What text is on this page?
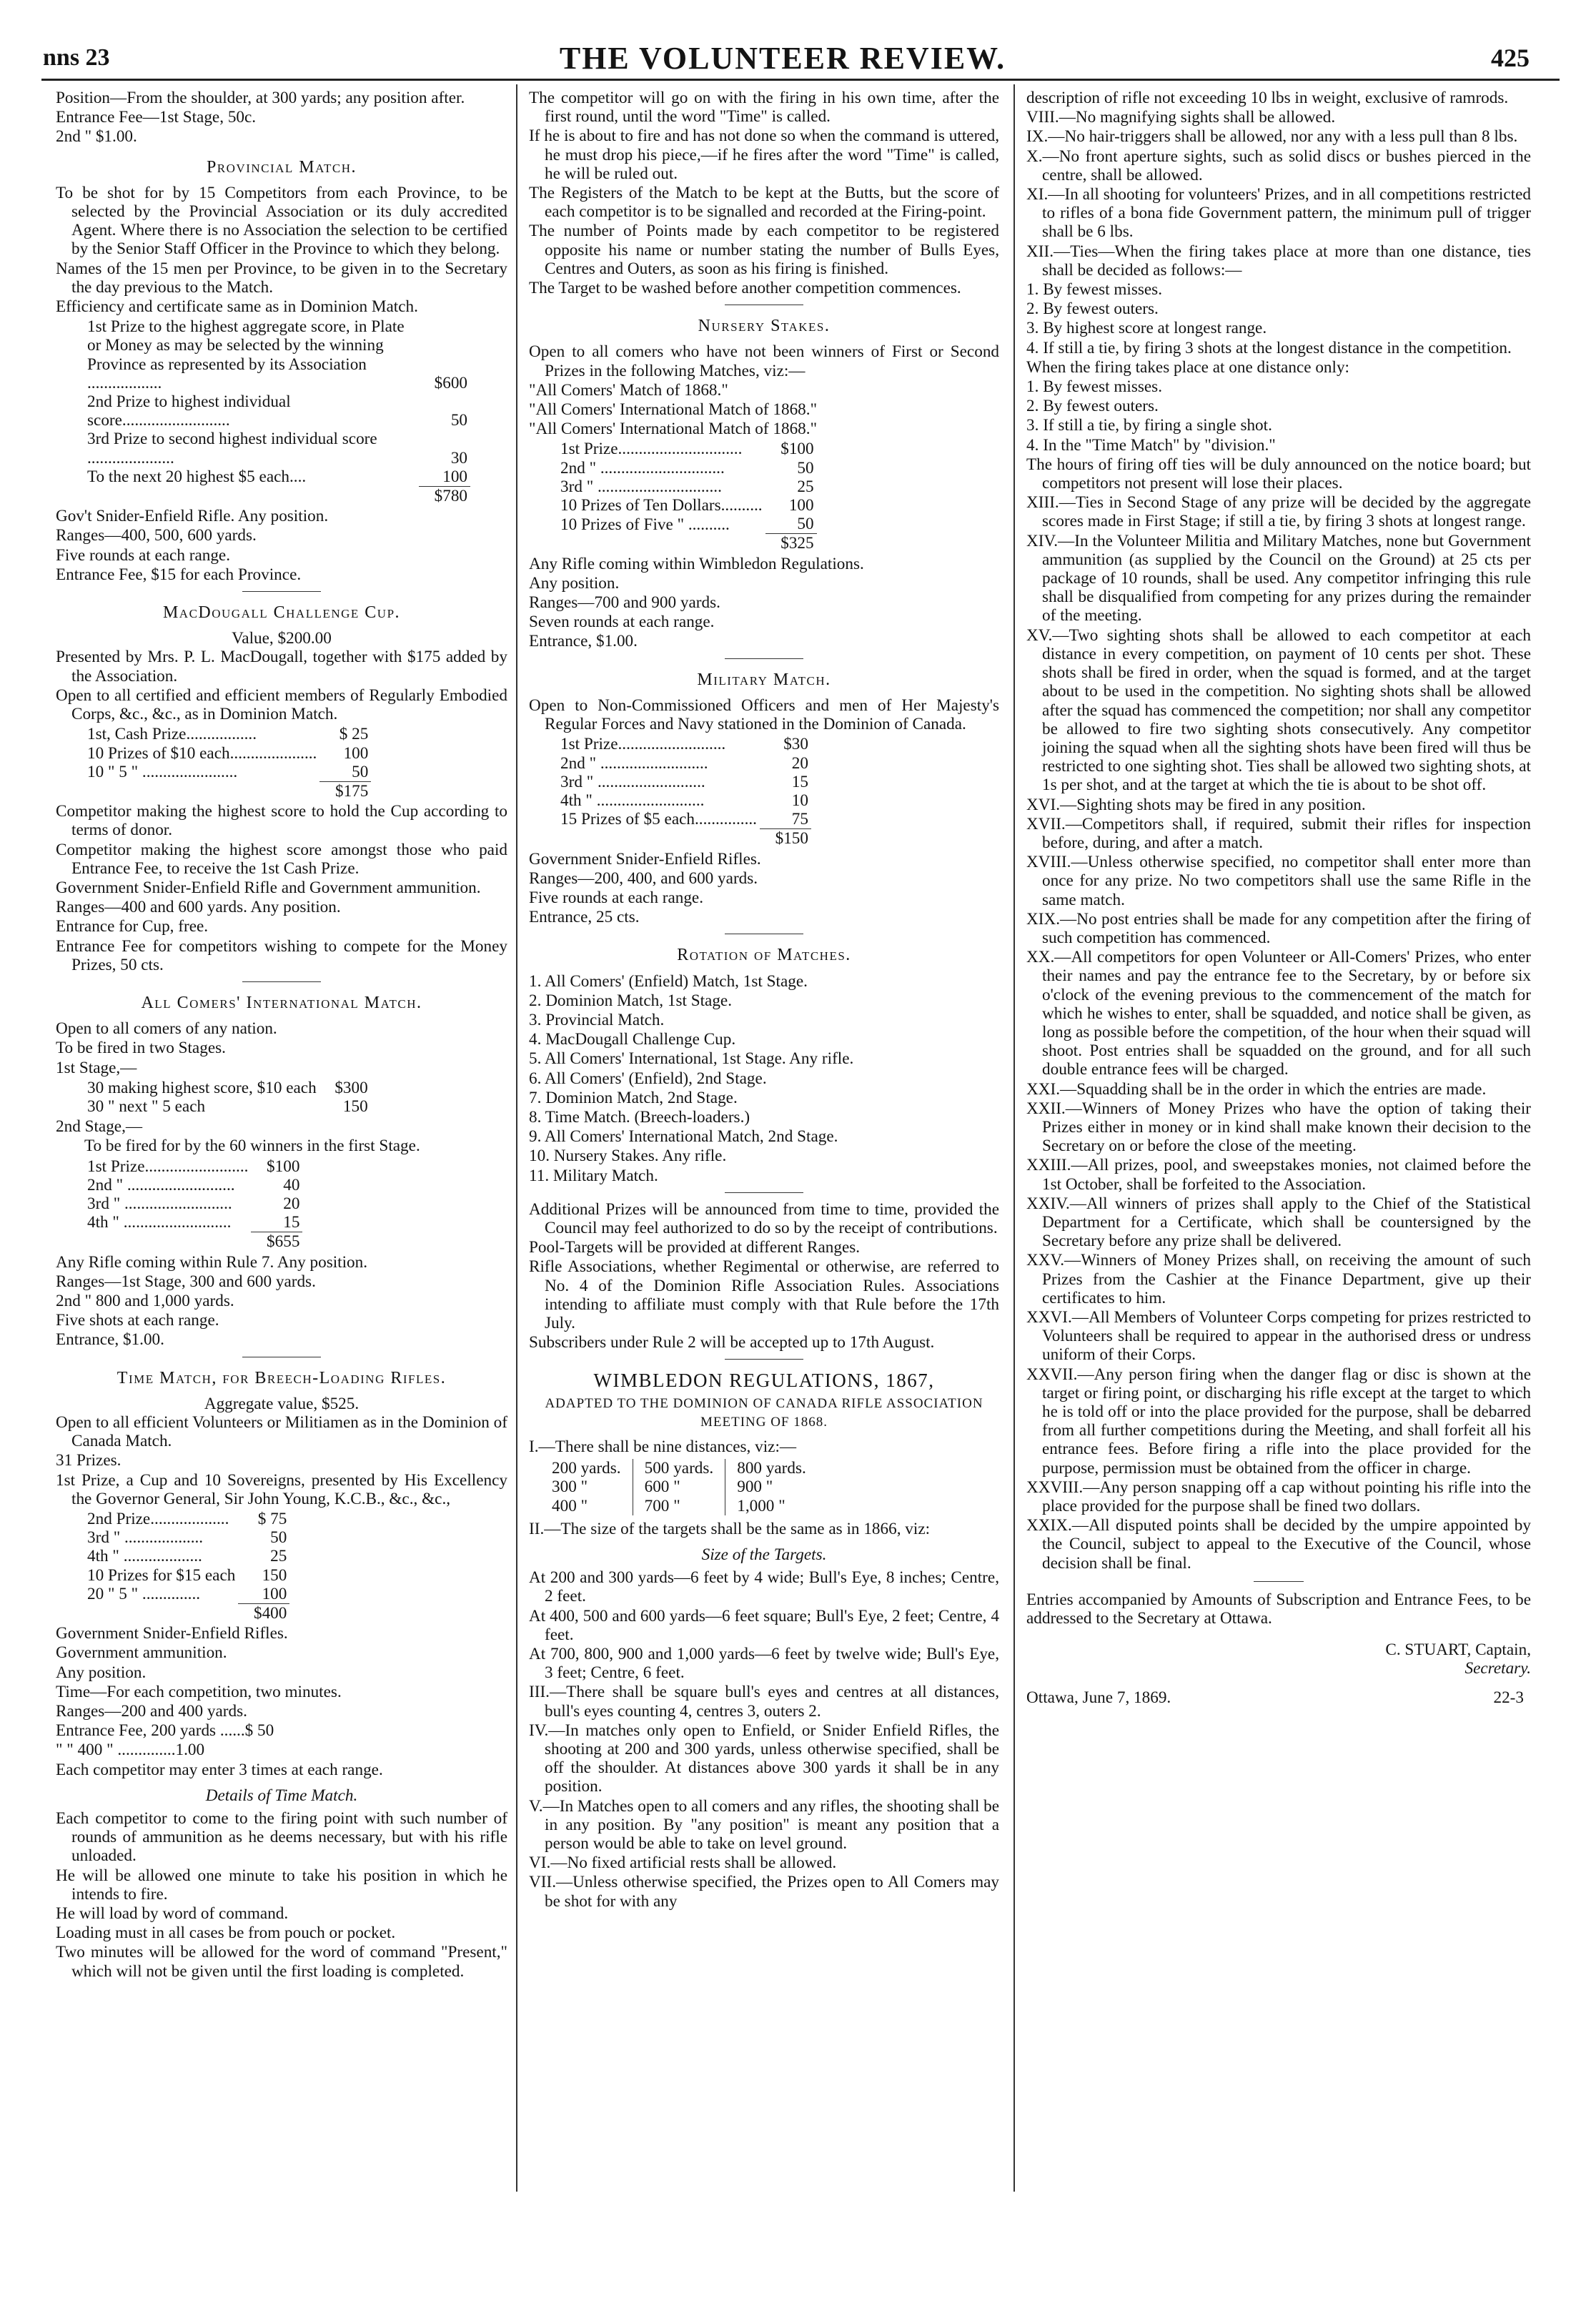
nns 23	THE VOLUNTEER REVIEW.	425
Position—From the shoulder, at 300 yards; any position after.
Entrance Fee—1st Stage, 50c.
2nd " $1.00.
Provincial Match.
To be shot for by 15 Competitors from each Province, to be selected by the Provincial Association or its duly accredited Agent. Where there is no Association the selection to be certified by the Senior Staff Officer in the Province to which they belong.
Names of the 15 men per Province, to be given in to the Secretary the day previous to the Match.
Efficiency and certificate same as in Dominion Match.
1st Prize to the highest aggregate score, in Plate or Money as may be selected by the winning Province as represented by its Association ..................	$600
2nd Prize to highest individual score..........................	50
3rd Prize to second highest individual score .....................	30
To the next 20 highest $5 each....	100
	$780
Gov't Snider-Enfield Rifle. Any position.
Ranges—400, 500, 600 yards.
Five rounds at each range.
Entrance Fee, $15 for each Province.
MacDougall Challenge Cup.
Value, $200.00
Presented by Mrs. P. L. MacDougall, together with $175 added by the Association.
Open to all certified and efficient members of Regularly Embodied Corps, &c., &c., as in Dominion Match.
1st, Cash Prize.................	$ 25
10 Prizes of $10 each.....................	100
10 " 5 " .......................	50
	$175
Competitor making the highest score to hold the Cup according to terms of donor.
Competitor making the highest score amongst those who paid Entrance Fee, to receive the 1st Cash Prize.
Government Snider-Enfield Rifle and Government ammunition.
Ranges—400 and 600 yards. Any position.
Entrance for Cup, free.
Entrance Fee for competitors wishing to compete for the Money Prizes, 50 cts.
All Comers' International Match.
Open to all comers of any nation.
To be fired in two Stages.
1st Stage,—
30 making highest score, $10 each	$300
30 " next " 5 each	150
2nd Stage,—
To be fired for by the 60 winners in the first Stage.
1st Prize.........................	$100
2nd " ..........................	40
3rd " ..........................	20
4th " ..........................	15
	$655
Any Rifle coming within Rule 7. Any position.
Ranges—1st Stage, 300 and 600 yards.
2nd " 800 and 1,000 yards.
Five shots at each range.
Entrance, $1.00.
Time Match, for Breech-Loading Rifles.
Aggregate value, $525.
Open to all efficient Volunteers or Militiamen as in the Dominion of Canada Match.
31 Prizes.
1st Prize, a Cup and 10 Sovereigns, presented by His Excellency the Governor General, Sir John Young, K.C.B., &c., &c.,
2nd Prize...................	$ 75
3rd " ...................	50
4th " ...................	25
10 Prizes for $15 each	150
20 " 5 " ..............	100
	$400
Government Snider-Enfield Rifles.
Government ammunition.
Any position.
Time—For each competition, two minutes.
Ranges—200 and 400 yards.
Entrance Fee, 200 yards ......$ 50
" " 400 " ..............1.00
Each competitor may enter 3 times at each range.
Details of Time Match.
Each competitor to come to the firing point with such number of rounds of ammunition as he deems necessary, but with his rifle unloaded.
He will be allowed one minute to take his position in which he intends to fire.
He will load by word of command.
Loading must in all cases be from pouch or pocket.
Two minutes will be allowed for the word of command "Present," which will not be given until the first loading is completed.
The competitor will go on with the firing in his own time, after the first round, until the word "Time" is called.
If he is about to fire and has not done so when the command is uttered, he must drop his piece,—if he fires after the word "Time" is called, he will be ruled out.
The Registers of the Match to be kept at the Butts, but the score of each competitor is to be signalled and recorded at the Firing-point.
The number of Points made by each competitor to be registered opposite his name or number stating the number of Bulls Eyes, Centres and Outers, as soon as his firing is finished.
The Target to be washed before another competition commences.
Nursery Stakes.
Open to all comers who have not been winners of First or Second Prizes in the following Matches, viz:—
"All Comers' Match of 1868."
"All Comers' International Match of 1868."
"All Comers' International Match of 1868."
1st Prize..............................	$100
2nd " ..............................	50
3rd " ..............................	25
10 Prizes of Ten Dollars..........	100
10 Prizes of Five " ..........	50
	$325
Any Rifle coming within Wimbledon Regulations.
Any position.
Ranges—700 and 900 yards.
Seven rounds at each range.
Entrance, $1.00.
Military Match.
Open to Non-Commissioned Officers and men of Her Majesty's Regular Forces and Navy stationed in the Dominion of Canada.
1st Prize..........................	$30
2nd " ..........................	20
3rd " ..........................	15
4th " ..........................	10
15 Prizes of $5 each...............	75
	$150
Government Snider-Enfield Rifles.
Ranges—200, 400, and 600 yards.
Five rounds at each range.
Entrance, 25 cts.
Rotation of Matches.
1. All Comers' (Enfield) Match, 1st Stage.
2. Dominion Match, 1st Stage.
3. Provincial Match.
4. MacDougall Challenge Cup.
5. All Comers' International, 1st Stage. Any rifle.
6. All Comers' (Enfield), 2nd Stage.
7. Dominion Match, 2nd Stage.
8. Time Match. (Breech-loaders.)
9. All Comers' International Match, 2nd Stage.
10. Nursery Stakes. Any rifle.
11. Military Match.
Additional Prizes will be announced from time to time, provided the Council may feel authorized to do so by the receipt of contributions.
Pool-Targets will be provided at different Ranges.
Rifle Associations, whether Regimental or otherwise, are referred to No. 4 of the Dominion Rifle Association Rules. Associations intending to affiliate must comply with that Rule before the 17th July.
Subscribers under Rule 2 will be accepted up to 17th August.
WIMBLEDON REGULATIONS, 1867,
ADAPTED TO THE DOMINION OF CANADA RIFLE ASSOCIATION MEETING OF 1868.
I.—There shall be nine distances, viz:—
200 yards.	500 yards.	800 yards.
300 "	600 "	900 "
400 "	700 "	1,000 "
II.—The size of the targets shall be the same as in 1866, viz:
Size of the Targets.
At 200 and 300 yards—6 feet by 4 wide; Bull's Eye, 8 inches; Centre, 2 feet.
At 400, 500 and 600 yards—6 feet square; Bull's Eye, 2 feet; Centre, 4 feet.
At 700, 800, 900 and 1,000 yards—6 feet by twelve wide; Bull's Eye, 3 feet; Centre, 6 feet.
III.—There shall be square bull's eyes and centres at all distances, bull's eyes counting 4, centres 3, outers 2.
IV.—In matches only open to Enfield, or Snider Enfield Rifles, the shooting at 200 and 300 yards, unless otherwise specified, shall be off the shoulder. At distances above 300 yards it shall be in any position.
V.—In Matches open to all comers and any rifles, the shooting shall be in any position. By "any position" is meant any position that a person would be able to take on level ground.
VI.—No fixed artificial rests shall be allowed.
VII.—Unless otherwise specified, the Prizes open to All Comers may be shot for with any
description of rifle not exceeding 10 lbs in weight, exclusive of ramrods.
VIII.—No magnifying sights shall be allowed.
IX.—No hair-triggers shall be allowed, nor any with a less pull than 8 lbs.
X.—No front aperture sights, such as solid discs or bushes pierced in the centre, shall be allowed.
XI.—In all shooting for volunteers' Prizes, and in all competitions restricted to rifles of a bona fide Government pattern, the minimum pull of trigger shall be 6 lbs.
XII.—Ties—When the firing takes place at more than one distance, ties shall be decided as follows:—
1. By fewest misses.
2. By fewest outers.
3. By highest score at longest range.
4. If still a tie, by firing 3 shots at the longest distance in the competition.
When the firing takes place at one distance only:
1. By fewest misses.
2. By fewest outers.
3. If still a tie, by firing a single shot.
4. In the "Time Match" by "division."
The hours of firing off ties will be duly announced on the notice board; but competitors not present will lose their places.
XIII.—Ties in Second Stage of any prize will be decided by the aggregate scores made in First Stage; if still a tie, by firing 3 shots at longest range.
XIV.—In the Volunteer Militia and Military Matches, none but Government ammunition (as supplied by the Council on the Ground) at 25 cts per package of 10 rounds, shall be used. Any competitor infringing this rule shall be disqualified from competing for any prizes during the remainder of the meeting.
XV.—Two sighting shots shall be allowed to each competitor at each distance in every competition, on payment of 10 cents per shot. These shots shall be fired in order, when the squad is formed, and at the target about to be used in the competition. No sighting shots shall be allowed after the squad has commenced the competition; nor shall any competitor be allowed to fire two sighting shots consecutively. Any competitor joining the squad when all the sighting shots have been fired will thus be restricted to one sighting shot. Ties shall be allowed two sighting shots, at 1s per shot, and at the target at which the tie is about to be shot off.
XVI.—Sighting shots may be fired in any position.
XVII.—Competitors shall, if required, submit their rifles for inspection before, during, and after a match.
XVIII.—Unless otherwise specified, no competitor shall enter more than once for any prize. No two competitors shall use the same Rifle in the same match.
XIX.—No post entries shall be made for any competition after the firing of such competition has commenced.
XX.—All competitors for open Volunteer or All-Comers' Prizes, who enter their names and pay the entrance fee to the Secretary, by or before six o'clock of the evening previous to the commencement of the match for which he wishes to enter, shall be squadded, and notice shall be given, as long as possible before the competition, of the hour when their squad will shoot. Post entries shall be squadded on the ground, and for all such double entrance fees will be charged.
XXI.—Squadding shall be in the order in which the entries are made.
XXII.—Winners of Money Prizes who have the option of taking their Prizes either in money or in kind shall make known their decision to the Secretary on or before the close of the meeting.
XXIII.—All prizes, pool, and sweepstakes monies, not claimed before the 1st October, shall be forfeited to the Association.
XXIV.—All winners of prizes shall apply to the Chief of the Statistical Department for a Certificate, which shall be countersigned by the Secretary before any prize shall be delivered.
XXV.—Winners of Money Prizes shall, on receiving the amount of such Prizes from the Cashier at the Finance Department, give up their certificates to him.
XXVI.—All Members of Volunteer Corps competing for prizes restricted to Volunteers shall be required to appear in the authorised dress or undress uniform of their Corps.
XXVII.—Any person firing when the danger flag or disc is shown at the target or firing point, or discharging his rifle except at the target to which he is told off or into the place provided for the purpose, shall be debarred from all further competitions during the Meeting, and shall forfeit all his entrance fees. Before firing a rifle into the place provided for the purpose, permission must be obtained from the officer in charge.
XXVIII.—Any person snapping off a cap without pointing his rifle into the place provided for the purpose shall be fined two dollars.
XXIX.—All disputed points shall be decided by the umpire appointed by the Council, subject to appeal to the Executive of the Council, whose decision shall be final.
Entries accompanied by Amounts of Subscription and Entrance Fees, to be addressed to the Secretary at Ottawa.
C. STUART, Captain,
Secretary.
Ottawa, June 7, 1869.	22-3
